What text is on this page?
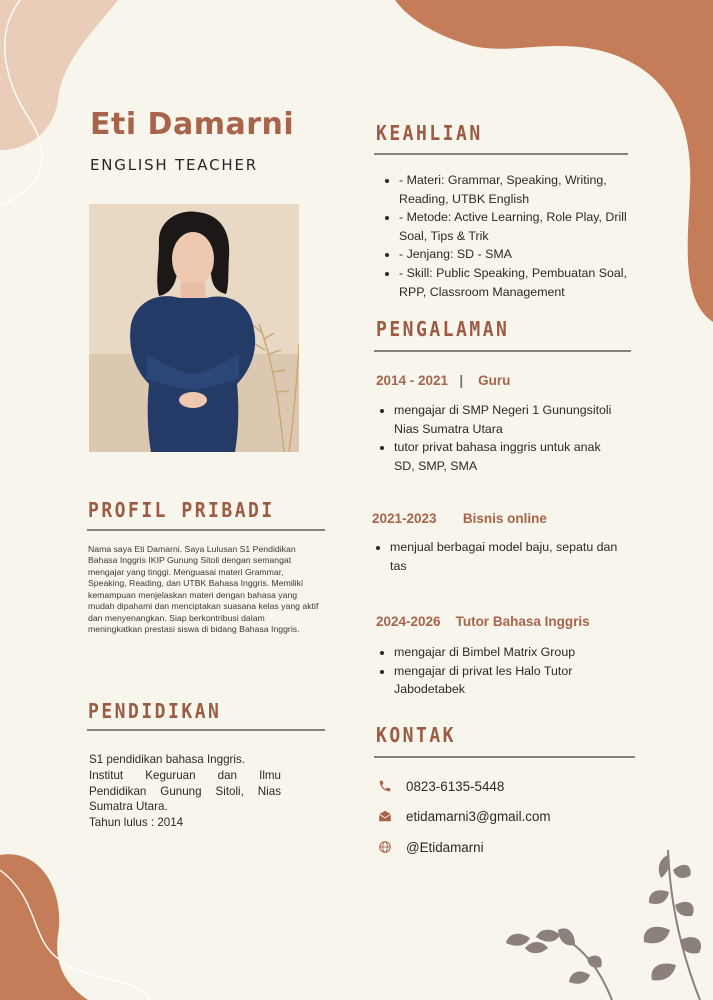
Eti Damarni
ENGLISH TEACHER
KEAHLIAN
• - Materi: Grammar, Speaking, Writing, Reading, UTBK English
• - Metode: Active Learning, Role Play, Drill Soal, Tips & Trik
• - Jenjang: SD - SMA
• - Skill: Public Speaking, Pembuatan Soal, RPP, Classroom Management
PENGALAMAN
2014 - 2021 | Guru
• mengajar di SMP Negeri 1 Gunungsitoli Nias Sumatra Utara
• tutor privat bahasa inggris untuk anak SD, SMP, SMA
2021-2023 Bisnis online
• menjual berbagai model baju, sepatu dan tas
2024-2026 Tutor Bahasa Inggris
• mengajar di Bimbel Matrix Group
• mengajar di privat les Halo Tutor Jabodetabek
PROFIL PRIBADI

Nama saya Eti Damarni. Saya Lulusan S1 Pendidikan Bahasa Inggris IKIP Gunung Sitoli dengan semangat mengajar yang tinggi. Menguasai materi Grammar, Speaking, Reading, dan UTBK Bahasa Inggris. Memiliki kemampuan menjelaskan materi dengan bahasa yang mudah dipahami dan menciptakan suasana kelas yang aktif dan menyenangkan. Siap berkontribusi dalam meningkatkan prestasi siswa di bidang Bahasa Inggris.

PENDIDIKAN
S1 pendidikan bahasa Inggris.
Institut Keguruan dan Ilmu Pendidikan Gunung Sitoli, Nias Sumatra Utara.
Tahun lulus : 2014
KONTAK
0823-6135-5448
etidamarni3@gmail.com
@Etidamarni
